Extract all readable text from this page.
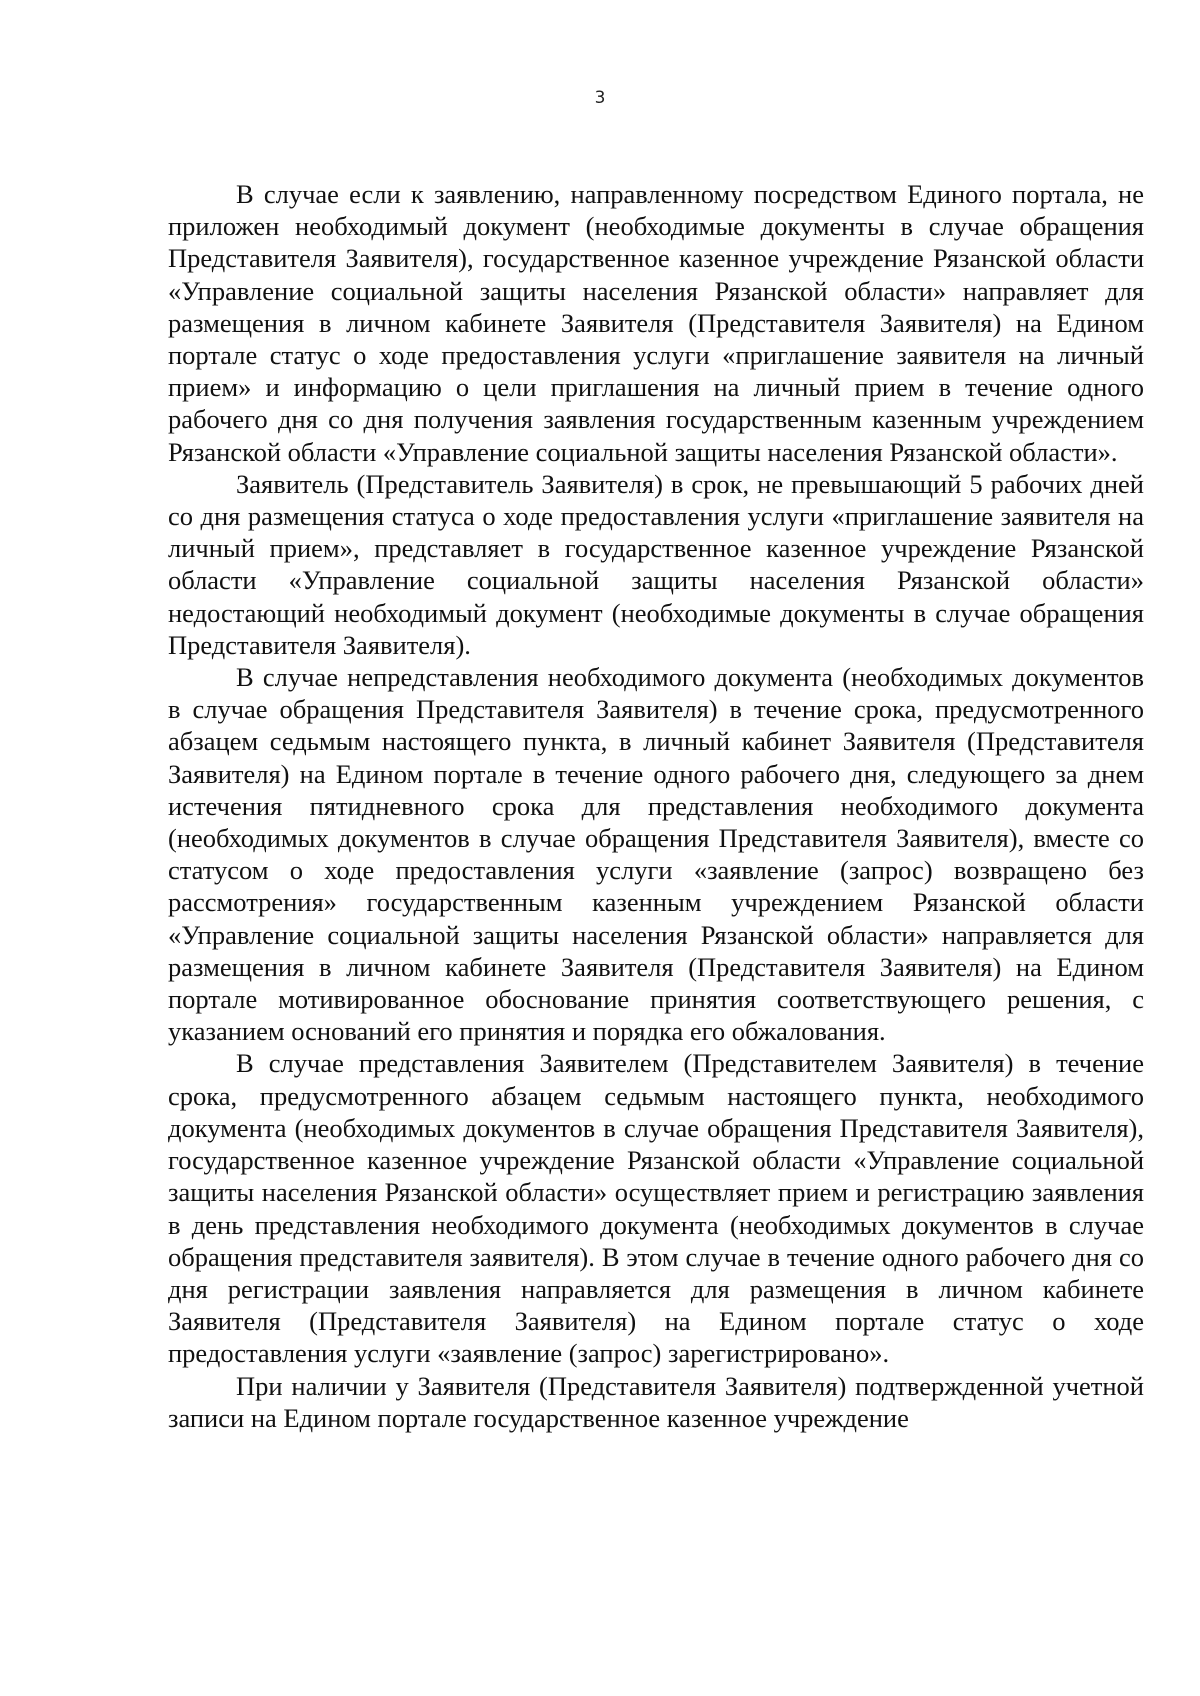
3

В случае если к заявлению, направленному посредством Единого портала, не приложен необходимый документ (необходимые документы в случае обращения Представителя Заявителя), государственное казенное учреждение Рязанской области «Управление социальной защиты населения Рязанской области» направляет для размещения в личном кабинете Заявителя (Представителя Заявителя) на Едином портале статус о ходе предоставления услуги «приглашение заявителя на личный прием» и информацию о цели приглашения на личный прием в течение одного рабочего дня со дня получения заявления государственным казенным учреждением Рязанской области «Управление социальной защиты населения Рязанской области».

Заявитель (Представитель Заявителя) в срок, не превышающий 5 рабочих дней со дня размещения статуса о ходе предоставления услуги «приглашение заявителя на личный прием», представляет в государственное казенное учреждение Рязанской области «Управление социальной защиты населения Рязанской области» недостающий необходимый документ (необходимые документы в случае обращения Представителя Заявителя).

В случае непредставления необходимого документа (необходимых документов в случае обращения Представителя Заявителя) в течение срока, предусмотренного абзацем седьмым настоящего пункта, в личный кабинет Заявителя (Представителя Заявителя) на Едином портале в течение одного рабочего дня, следующего за днем истечения пятидневного срока для представления необходимого документа (необходимых документов в случае обращения Представителя Заявителя), вместе со статусом о ходе предоставления услуги «заявление (запрос) возвращено без рассмотрения» государственным казенным учреждением Рязанской области «Управление социальной защиты населения Рязанской области» направляется для размещения в личном кабинете Заявителя (Представителя Заявителя) на Едином портале мотивированное обоснование принятия соответствующего решения, с указанием оснований его принятия и порядка его обжалования.

В случае представления Заявителем (Представителем Заявителя) в течение срока, предусмотренного абзацем седьмым настоящего пункта, необходимого документа (необходимых документов в случае обращения Представителя Заявителя), государственное казенное учреждение Рязанской области «Управление социальной защиты населения Рязанской области» осуществляет прием и регистрацию заявления в день представления необходимого документа (необходимых документов в случае обращения представителя заявителя). В этом случае в течение одного рабочего дня со дня регистрации заявления направляется для размещения в личном кабинете Заявителя (Представителя Заявителя) на Едином портале статус о ходе предоставления услуги «заявление (запрос) зарегистрировано».

При наличии у Заявителя (Представителя Заявителя) подтвержденной учетной записи на Едином портале государственное казенное учреждение
